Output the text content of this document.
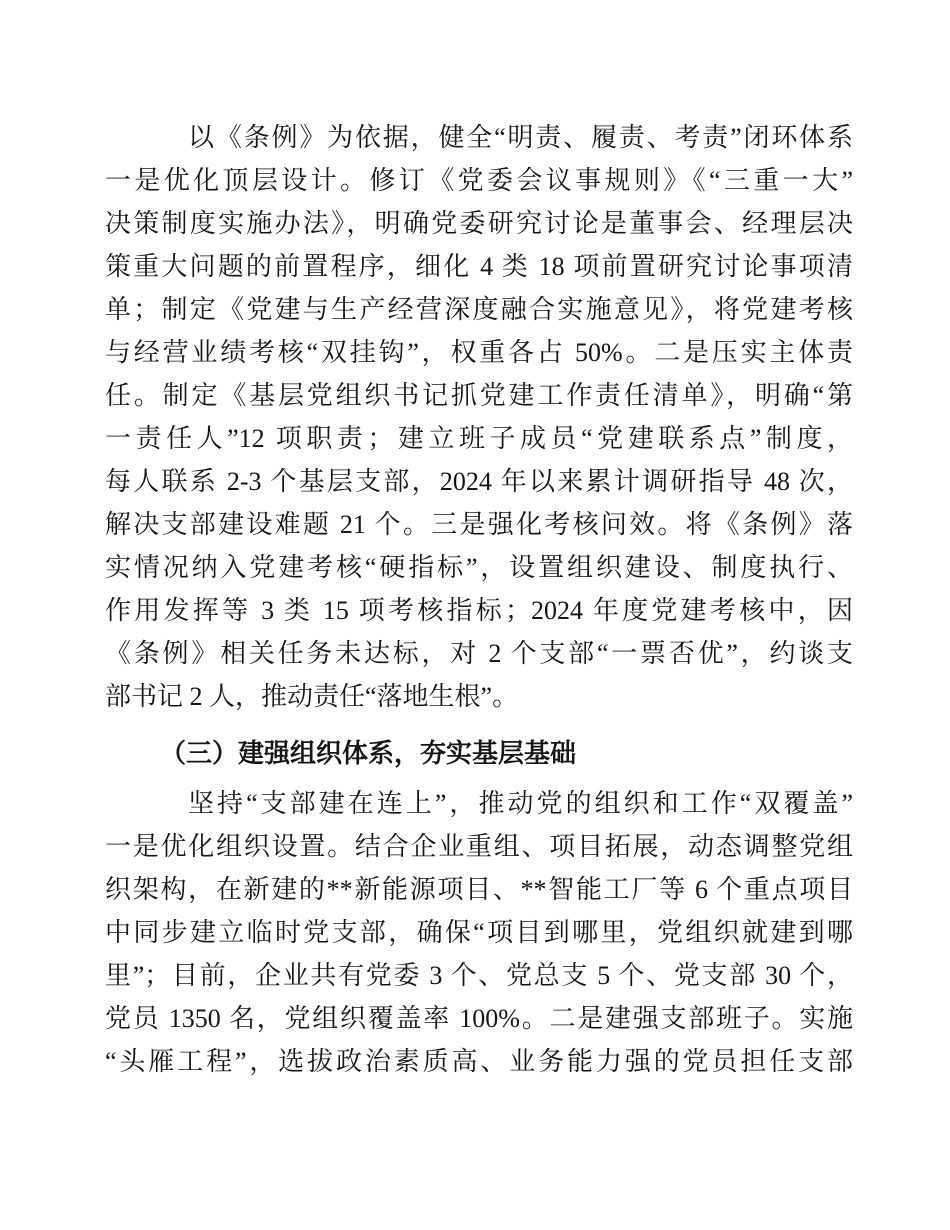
以《条例》为依据，健全“明责、履责、考责”闭环体系
一是优化顶层设计。修订《党委会议事规则》《“三重一大”
决策制度实施办法》，明确党委研究讨论是董事会、经理层决
策重大问题的前置程序，细化 4 类 18 项前置研究讨论事项清
单；制定《党建与生产经营深度融合实施意见》，将党建考核
与经营业绩考核“双挂钩”，权重各占 50%。二是压实主体责
任。制定《基层党组织书记抓党建工作责任清单》，明确“第
一责任人”12 项职责；建立班子成员“党建联系点”制度，
每人联系 2-3 个基层支部，2024 年以来累计调研指导 48 次，
解决支部建设难题 21 个。三是强化考核问效。将《条例》落
实情况纳入党建考核“硬指标”，设置组织建设、制度执行、
作用发挥等 3 类 15 项考核指标；2024 年度党建考核中，因
《条例》相关任务未达标，对 2 个支部“一票否优”，约谈支
部书记 2 人，推动责任“落地生根”。
（三）建强组织体系，夯实基层基础
坚持“支部建在连上”，推动党的组织和工作“双覆盖”
一是优化组织设置。结合企业重组、项目拓展，动态调整党组
织架构，在新建的**新能源项目、**智能工厂等 6 个重点项目
中同步建立临时党支部，确保“项目到哪里，党组织就建到哪
里”；目前，企业共有党委 3 个、党总支 5 个、党支部 30 个，
党员 1350 名，党组织覆盖率 100%。二是建强支部班子。实施
“头雁工程”，选拔政治素质高、业务能力强的党员担任支部
